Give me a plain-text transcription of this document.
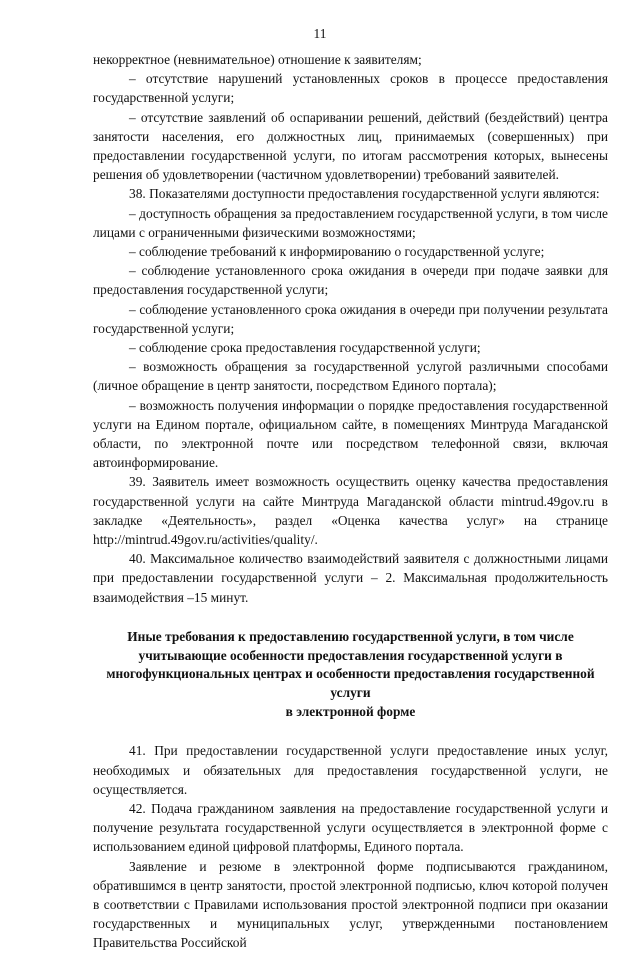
11

некорректное (невнимательное) отношение к заявителям;

– отсутствие нарушений установленных сроков в процессе предоставления государственной услуги;

– отсутствие заявлений об оспаривании решений, действий (бездействий) центра занятости населения, его должностных лиц, принимаемых (совершенных) при предоставлении государственной услуги, по итогам рассмотрения которых, вынесены решения об удовлетворении (частичном удовлетворении) требований заявителей.

38. Показателями доступности предоставления государственной услуги являются:

– доступность обращения за предоставлением государственной услуги, в том числе лицами с ограниченными физическими возможностями;

– соблюдение требований к информированию о государственной услуге;

– соблюдение установленного срока ожидания в очереди при подаче заявки для предоставления государственной услуги;

– соблюдение установленного срока ожидания в очереди при получении результата государственной услуги;

– соблюдение срока предоставления государственной услуги;

– возможность обращения за государственной услугой различными способами (личное обращение в центр занятости, посредством Единого портала);

– возможность получения информации о порядке предоставления государственной услуги на Едином портале, официальном сайте, в помещениях Минтруда Магаданской области, по электронной почте или посредством телефонной связи, включая автоинформирование.

39. Заявитель имеет возможность осуществить оценку качества предоставления государственной услуги на сайте Минтруда Магаданской области mintrud.49gov.ru в закладке «Деятельность», раздел «Оценка качества услуг» на странице http://mintrud.49gov.ru/activities/quality/.

40. Максимальное количество взаимодействий заявителя с должностными лицами при предоставлении государственной услуги – 2. Максимальная продолжительность взаимодействия –15 минут.

Иные требования к предоставлению государственной услуги, в том числе
учитывающие особенности предоставления государственной услуги в
многофункциональных центрах и особенности предоставления государственной услуги
в электронной форме

41. При предоставлении государственной услуги предоставление иных услуг, необходимых и обязательных для предоставления государственной услуги, не осуществляется.

42. Подача гражданином заявления на предоставление государственной услуги и получение результата государственной услуги осуществляется в электронной форме с использованием единой цифровой платформы, Единого портала.

Заявление и резюме в электронной форме подписываются гражданином, обратившимся в центр занятости, простой электронной подписью, ключ которой получен в соответствии с Правилами использования простой электронной подписи при оказании государственных и муниципальных услуг, утвержденными постановлением Правительства Российской
